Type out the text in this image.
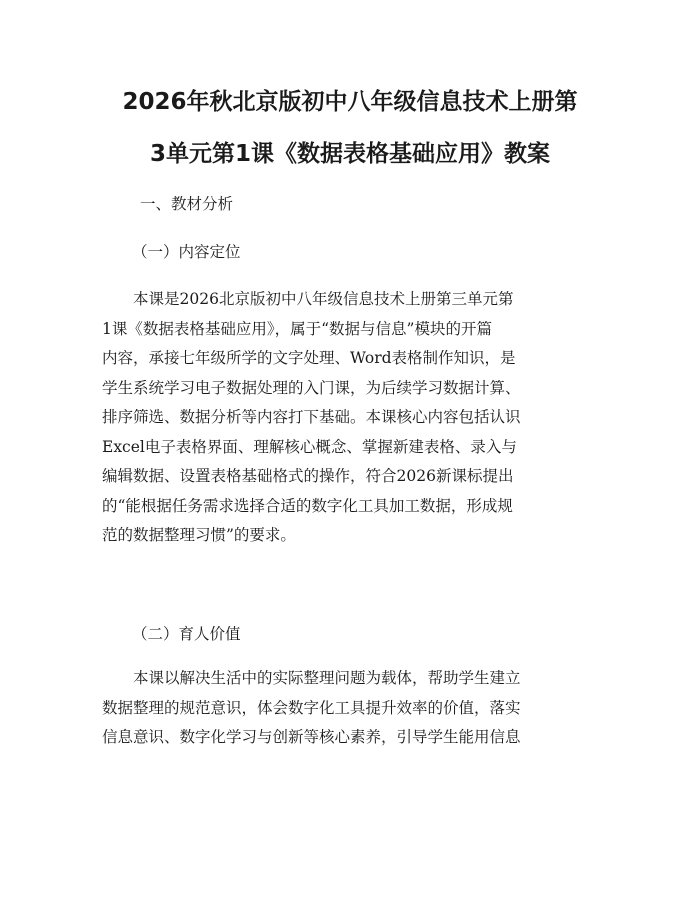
2026年秋北京版初中八年级信息技术上册第
3单元第1课《数据表格基础应用》教案
一、教材分析
（一）内容定位
　　本课是2026北京版初中八年级信息技术上册第三单元第
1课《数据表格基础应用》，属于“数据与信息”模块的开篇
内容，承接七年级所学的文字处理、Word表格制作知识，是
学生系统学习电子数据处理的入门课，为后续学习数据计算、
排序筛选、数据分析等内容打下基础。本课核心内容包括认识
Excel电子表格界面、理解核心概念、掌握新建表格、录入与
编辑数据、设置表格基础格式的操作，符合2026新课标提出
的“能根据任务需求选择合适的数字化工具加工数据，形成规
范的数据整理习惯”的要求。
（二）育人价值
　　本课以解决生活中的实际整理问题为载体，帮助学生建立
数据整理的规范意识，体会数字化工具提升效率的价值，落实
信息意识、数字化学习与创新等核心素养，引导学生能用信息
